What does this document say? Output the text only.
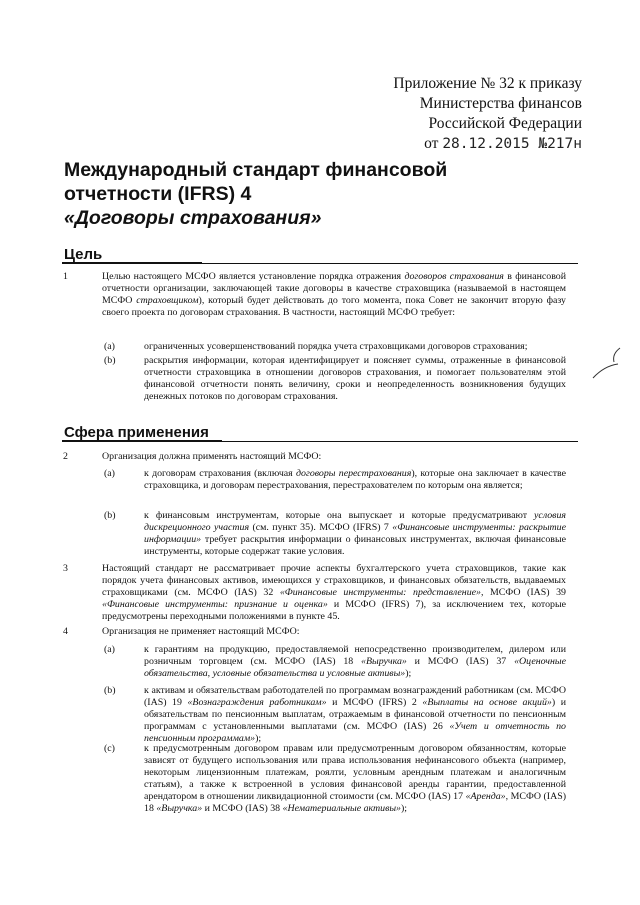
Приложение № 32 к приказу
Министерства финансов
Российской Федерации
от 28.12.2015 №217н
Международный стандарт финансовой
отчетности (IFRS) 4
«Договоры страхования»
Цель
1	Целью настоящего МСФО является установление порядка отражения договоров страхования в финансовой отчетности организации, заключающей такие договоры в качестве страховщика (называемой в настоящем МСФО страховщиком), который будет действовать до того момента, пока Совет не закончит вторую фазу своего проекта по договорам страхования. В частности, настоящий МСФО требует:
(a)	ограниченных усовершенствований порядка учета страховщиками договоров страхования;
(b)	раскрытия информации, которая идентифицирует и поясняет суммы, отраженные в финансовой отчетности страховщика в отношении договоров страхования, и помогает пользователям этой финансовой отчетности понять величину, сроки и неопределенность возникновения будущих денежных потоков по договорам страхования.
Сфера применения
2	Организация должна применять настоящий МСФО:
(a)	к договорам страхования (включая договоры перестрахования), которые она заключает в качестве страховщика, и договорам перестрахования, перестрахователем по которым она является;
(b)	к финансовым инструментам, которые она выпускает и которые предусматривают условия дискреционного участия (см. пункт 35). МСФО (IFRS) 7 «Финансовые инструменты: раскрытие информации» требует раскрытия информации о финансовых инструментах, включая финансовые инструменты, которые содержат такие условия.
3	Настоящий стандарт не рассматривает прочие аспекты бухгалтерского учета страховщиков, такие как порядок учета финансовых активов, имеющихся у страховщиков, и финансовых обязательств, выдаваемых страховщиками (см. МСФО (IAS) 32 «Финансовые инструменты: представление», МСФО (IAS) 39 «Финансовые инструменты: признание и оценка» и МСФО (IFRS) 7), за исключением тех, которые предусмотрены переходными положениями в пункте 45.
4	Организация не применяет настоящий МСФО:
(a)	к гарантиям на продукцию, предоставляемой непосредственно производителем, дилером или розничным торговцем (см. МСФО (IAS) 18 «Выручка» и МСФО (IAS) 37 «Оценочные обязательства, условные обязательства и условные активы»);
(b)	к активам и обязательствам работодателей по программам вознаграждений работникам (см. МСФО (IAS) 19 «Вознаграждения работникам» и МСФО (IFRS) 2 «Выплаты на основе акций») и обязательствам по пенсионным выплатам, отражаемым в финансовой отчетности по пенсионным программам с установленными выплатами (см. МСФО (IAS) 26 «Учет и отчетность по пенсионным программам»);
(c)	к предусмотренным договором правам или предусмотренным договором обязанностям, которые зависят от будущего использования или права использования нефинансового объекта (например, некоторым лицензионным платежам, роялти, условным арендным платежам и аналогичным статьям), а также к встроенной в условия финансовой аренды гарантии, предоставленной арендатором в отношении ликвидационной стоимости (см. МСФО (IAS) 17 «Аренда», МСФО (IAS) 18 «Выручка» и МСФО (IAS) 38 «Нематериальные активы»);
